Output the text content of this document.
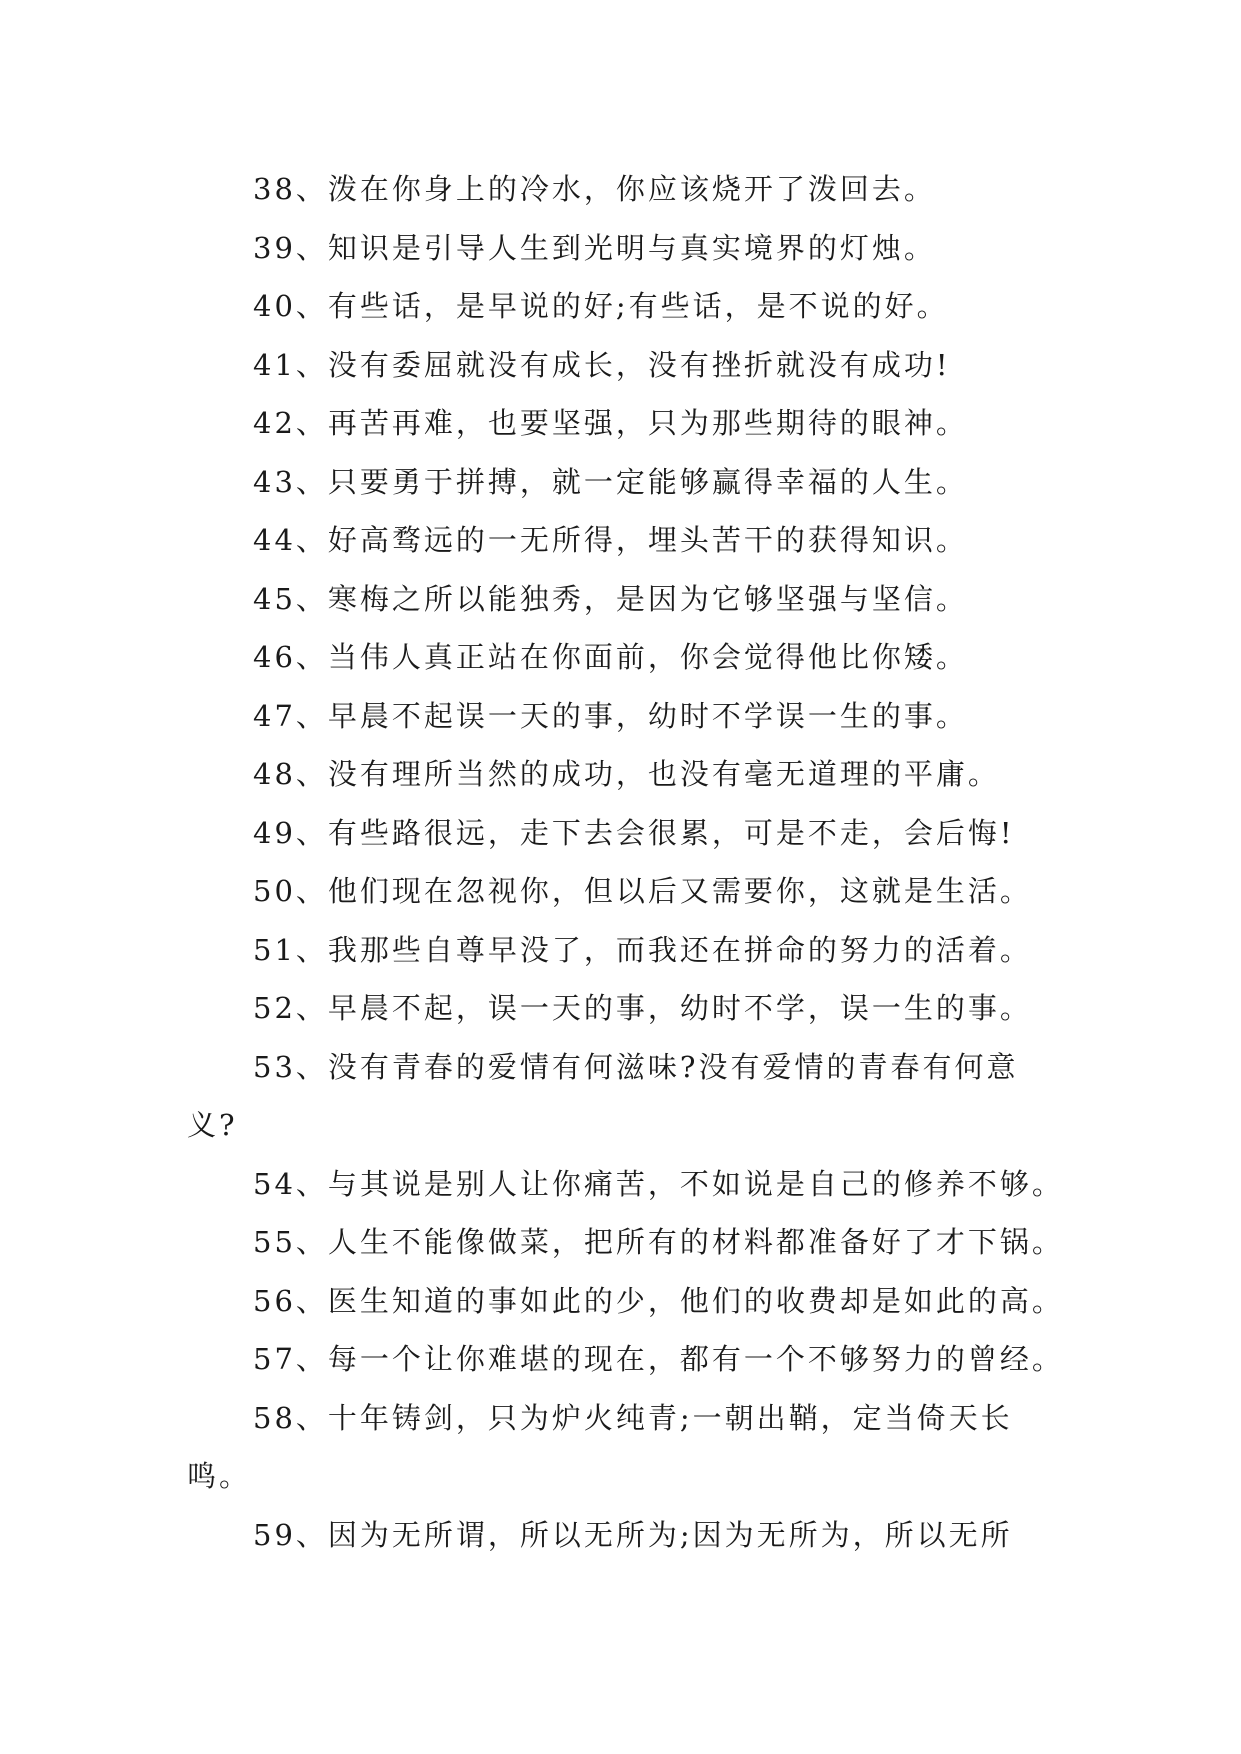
38、泼在你身上的冷水，你应该烧开了泼回去。

39、知识是引导人生到光明与真实境界的灯烛。

40、有些话，是早说的好;有些话，是不说的好。

41、没有委屈就没有成长，没有挫折就没有成功!

42、再苦再难，也要坚强，只为那些期待的眼神。

43、只要勇于拼搏，就一定能够赢得幸福的人生。

44、好高骛远的一无所得，埋头苦干的获得知识。

45、寒梅之所以能独秀，是因为它够坚强与坚信。

46、当伟人真正站在你面前，你会觉得他比你矮。

47、早晨不起误一天的事，幼时不学误一生的事。

48、没有理所当然的成功，也没有毫无道理的平庸。

49、有些路很远，走下去会很累，可是不走，会后悔!

50、他们现在忽视你，但以后又需要你，这就是生活。

51、我那些自尊早没了，而我还在拼命的努力的活着。

52、早晨不起，误一天的事，幼时不学，误一生的事。

53、没有青春的爱情有何滋味?没有爱情的青春有何意

义?

54、与其说是别人让你痛苦，不如说是自己的修养不够。

55、人生不能像做菜，把所有的材料都准备好了才下锅。

56、医生知道的事如此的少，他们的收费却是如此的高。

57、每一个让你难堪的现在，都有一个不够努力的曾经。

58、十年铸剑，只为炉火纯青;一朝出鞘，定当倚天长

鸣。

59、因为无所谓，所以无所为;因为无所为，所以无所
